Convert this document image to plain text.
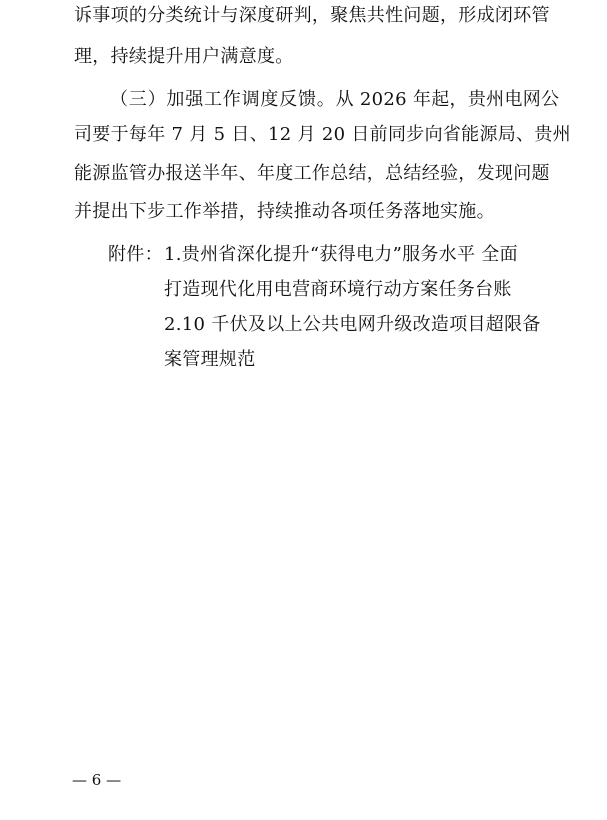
诉事项的分类统计与深度研判，聚焦共性问题，形成闭环管
理，持续提升用户满意度。
（三）加强工作调度反馈。从 2026 年起，贵州电网公
司要于每年 7 月 5 日、12 月 20 日前同步向省能源局、贵州
能源监管办报送半年、年度工作总结，总结经验，发现问题
并提出下步工作举措，持续推动各项任务落地实施。
附件： 1.贵州省深化提升“获得电力”服务水平 全面
打造现代化用电营商环境行动方案任务台账
2.10 千伏及以上公共电网升级改造项目超限备
案管理规范
— 6 —
